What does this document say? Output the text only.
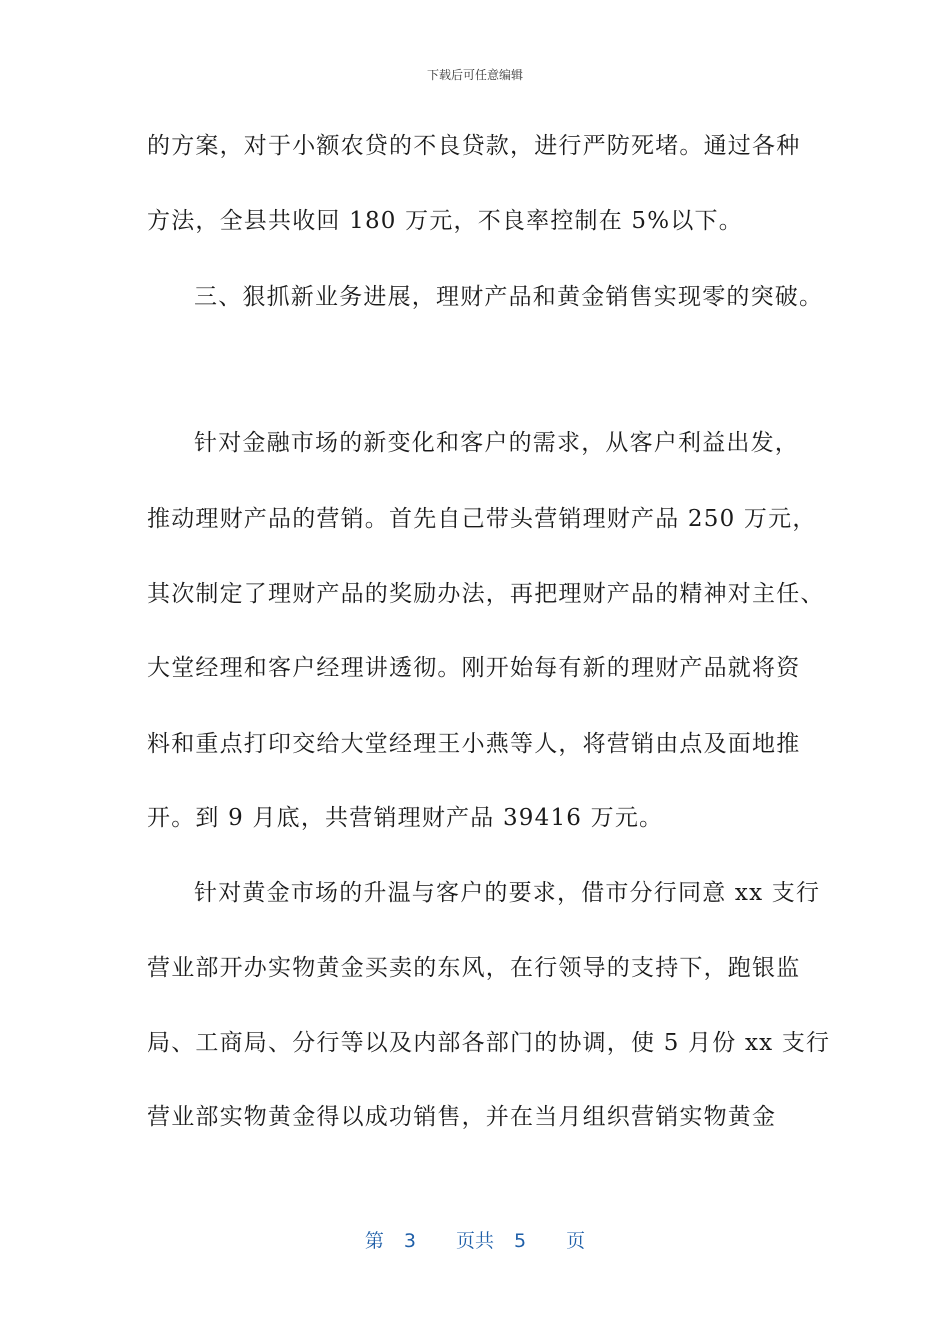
下载后可任意编辑
的方案，对于小额农贷的不良贷款，进行严防死堵。通过各种
方法，全县共收回 180 万元，不良率控制在 5%以下。
三、狠抓新业务进展，理财产品和黄金销售实现零的突破。
针对金融市场的新变化和客户的需求，从客户利益出发，
推动理财产品的营销。首先自己带头营销理财产品 250 万元，
其次制定了理财产品的奖励办法，再把理财产品的精神对主任、
大堂经理和客户经理讲透彻。刚开始每有新的理财产品就将资
料和重点打印交给大堂经理王小燕等人，将营销由点及面地推
开。到 9 月底，共营销理财产品 39416 万元。
针对黄金市场的升温与客户的要求，借市分行同意 xx 支行
营业部开办实物黄金买卖的东风，在行领导的支持下，跑银监
局、工商局、分行等以及内部各部门的协调，使 5 月份 xx 支行
营业部实物黄金得以成功销售，并在当月组织营销实物黄金
第 3 页共 5 页
